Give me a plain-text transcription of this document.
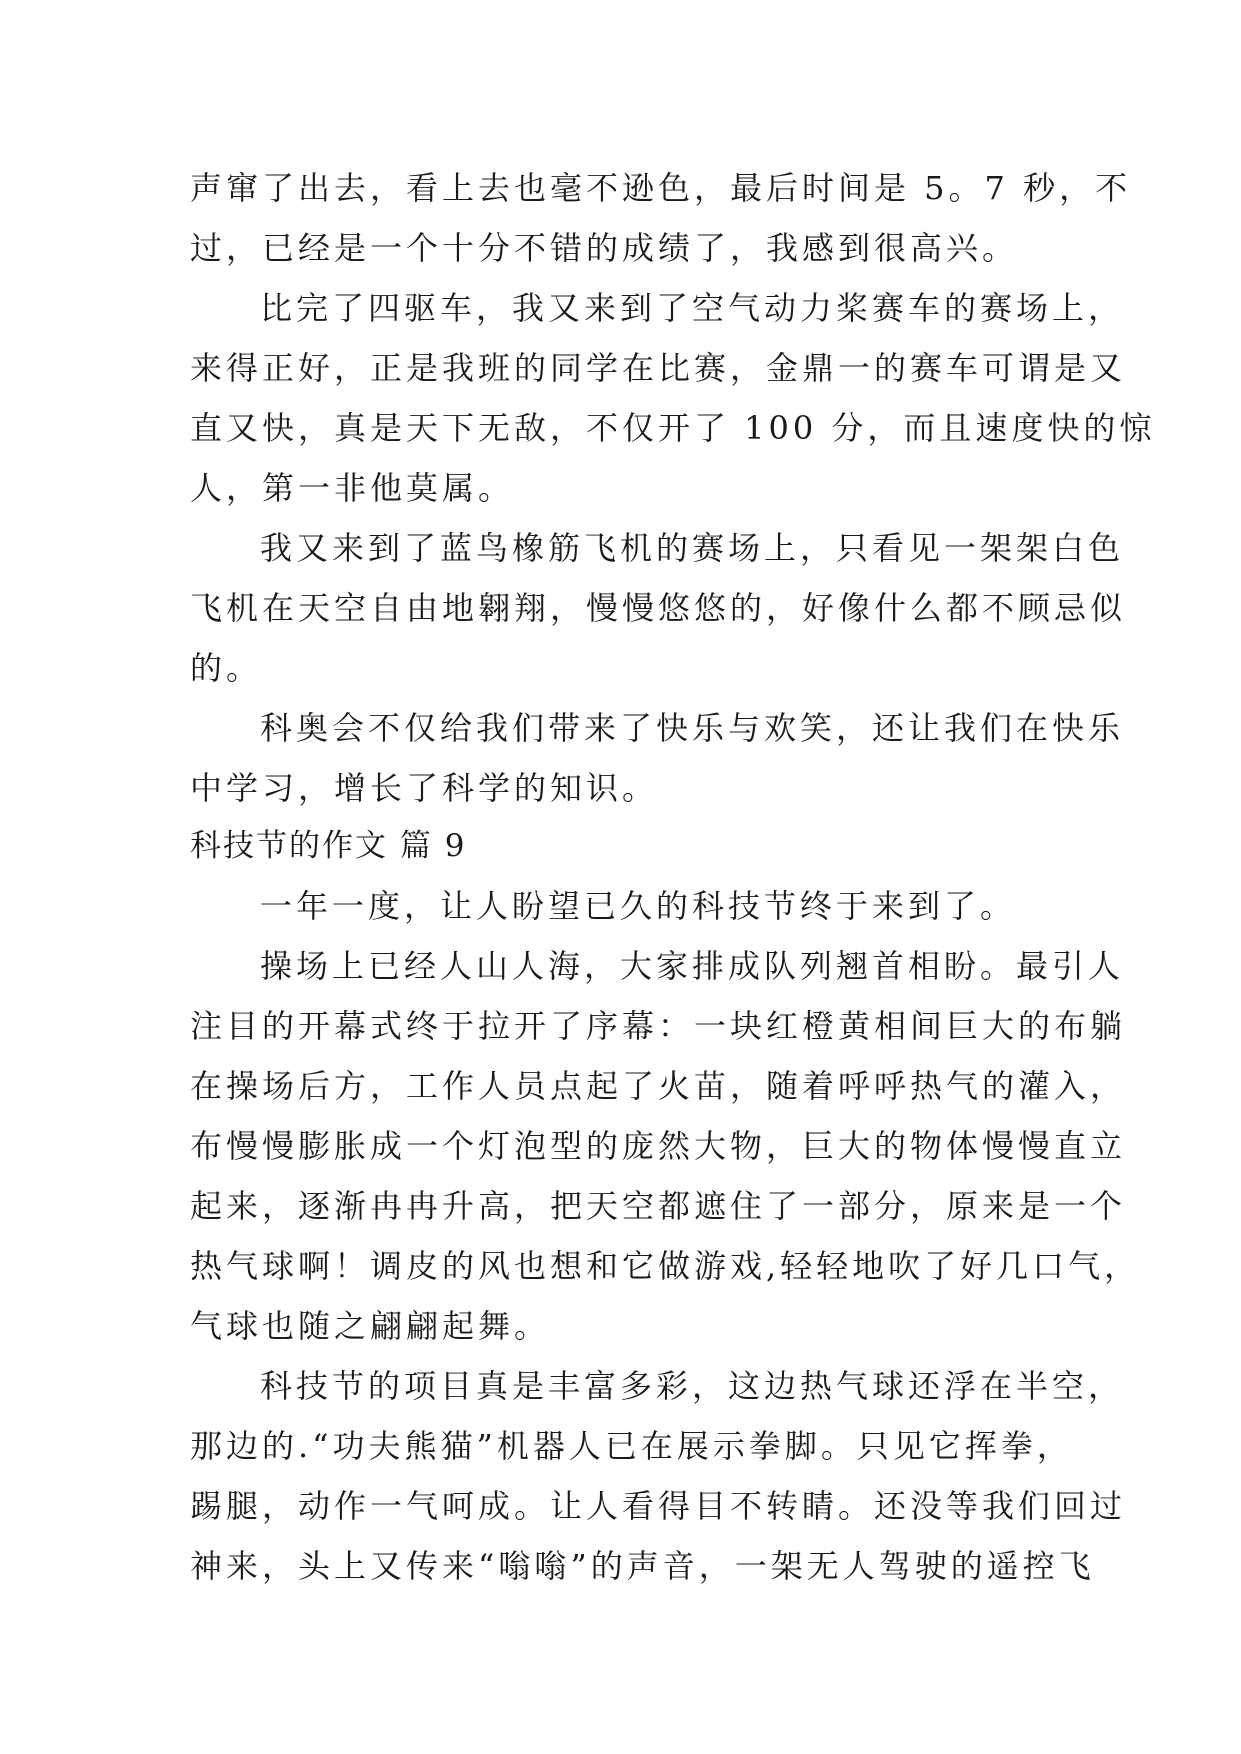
声窜了出去，看上去也毫不逊色，最后时间是 5。7 秒，不
过，已经是一个十分不错的成绩了，我感到很高兴。
比完了四驱车，我又来到了空气动力桨赛车的赛场上，
来得正好，正是我班的同学在比赛，金鼎一的赛车可谓是又
直又快，真是天下无敌，不仅开了 100 分，而且速度快的惊
人，第一非他莫属。
我又来到了蓝鸟橡筋飞机的赛场上，只看见一架架白色
飞机在天空自由地翱翔，慢慢悠悠的，好像什么都不顾忌似
的。
科奥会不仅给我们带来了快乐与欢笑，还让我们在快乐
中学习，增长了科学的知识。
科技节的作文 篇 9
一年一度，让人盼望已久的科技节终于来到了。
操场上已经人山人海，大家排成队列翘首相盼。最引人
注目的开幕式终于拉开了序幕：一块红橙黄相间巨大的布躺
在操场后方，工作人员点起了火苗，随着呼呼热气的灌入，
布慢慢膨胀成一个灯泡型的庞然大物，巨大的物体慢慢直立
起来，逐渐冉冉升高，把天空都遮住了一部分，原来是一个
热气球啊！调皮的风也想和它做游戏,轻轻地吹了好几口气，
气球也随之翩翩起舞。
科技节的项目真是丰富多彩，这边热气球还浮在半空，
那边的.“功夫熊猫”机器人已在展示拳脚。只见它挥拳，
踢腿，动作一气呵成。让人看得目不转睛。还没等我们回过
神来，头上又传来“嗡嗡”的声音，一架无人驾驶的遥控飞
